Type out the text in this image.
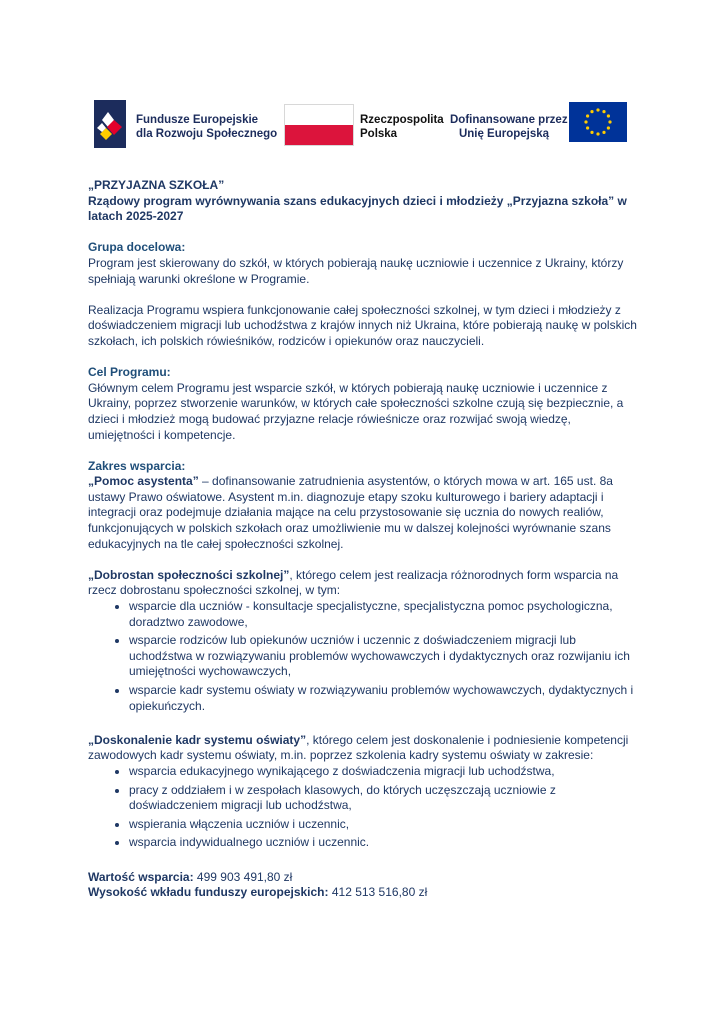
Fundusze Europejskie
dla Rozwoju Społecznego
Rzeczpospolita
Polska
Dofinansowane przez
Unię Europejską

„PRZYJAZNA SZKOŁA”

Rządowy program wyrównywania szans edukacyjnych dzieci i młodzieży „Przyjazna szkoła” w latach 2025-2027

Grupa docelowa:

Program jest skierowany do szkół, w których pobierają naukę uczniowie i uczennice z Ukrainy, którzy spełniają warunki określone w Programie.

Realizacja Programu wspiera funkcjonowanie całej społeczności szkolnej, w tym dzieci i młodzieży z doświadczeniem migracji lub uchodźstwa z krajów innych niż Ukraina, które pobierają naukę w polskich szkołach, ich polskich rówieśników, rodziców i opiekunów oraz nauczycieli.

Cel Programu:

Głównym celem Programu jest wsparcie szkół, w których pobierają naukę uczniowie i uczennice z Ukrainy, poprzez stworzenie warunków, w których całe społeczności szkolne czują się bezpiecznie, a dzieci i młodzież mogą budować przyjazne relacje rówieśnicze oraz rozwijać swoją wiedzę, umiejętności i kompetencje.

Zakres wsparcia:

„Pomoc asystenta” – dofinansowanie zatrudnienia asystentów, o których mowa w art. 165 ust. 8a ustawy Prawo oświatowe. Asystent m.in. diagnozuje etapy szoku kulturowego i bariery adaptacji i integracji oraz podejmuje działania mające na celu przystosowanie się ucznia do nowych realiów, funkcjonujących w polskich szkołach oraz umożliwienie mu w dalszej kolejności wyrównanie szans edukacyjnych na tle całej społeczności szkolnej.

„Dobrostan społeczności szkolnej”, którego celem jest realizacja różnorodnych form wsparcia na rzecz dobrostanu społeczności szkolnej, w tym:

• wsparcie dla uczniów - konsultacje specjalistyczne, specjalistyczna pomoc psychologiczna, doradztwo zawodowe,
• wsparcie rodziców lub opiekunów uczniów i uczennic z doświadczeniem migracji lub uchodźstwa w rozwiązywaniu problemów wychowawczych i dydaktycznych oraz rozwijaniu ich umiejętności wychowawczych,
• wsparcie kadr systemu oświaty w rozwiązywaniu problemów wychowawczych, dydaktycznych i opiekuńczych.

„Doskonalenie kadr systemu oświaty”, którego celem jest doskonalenie i podniesienie kompetencji zawodowych kadr systemu oświaty, m.in. poprzez szkolenia kadry systemu oświaty w zakresie:

• wsparcia edukacyjnego wynikającego z doświadczenia migracji lub uchodźstwa,
• pracy z oddziałem i w zespołach klasowych, do których uczęszczają uczniowie z doświadczeniem migracji lub uchodźstwa,
• wspierania włączenia uczniów i uczennic,
• wsparcia indywidualnego uczniów i uczennic.

Wartość wsparcia: 499 903 491,80 zł

Wysokość wkładu funduszy europejskich: 412 513 516,80 zł
